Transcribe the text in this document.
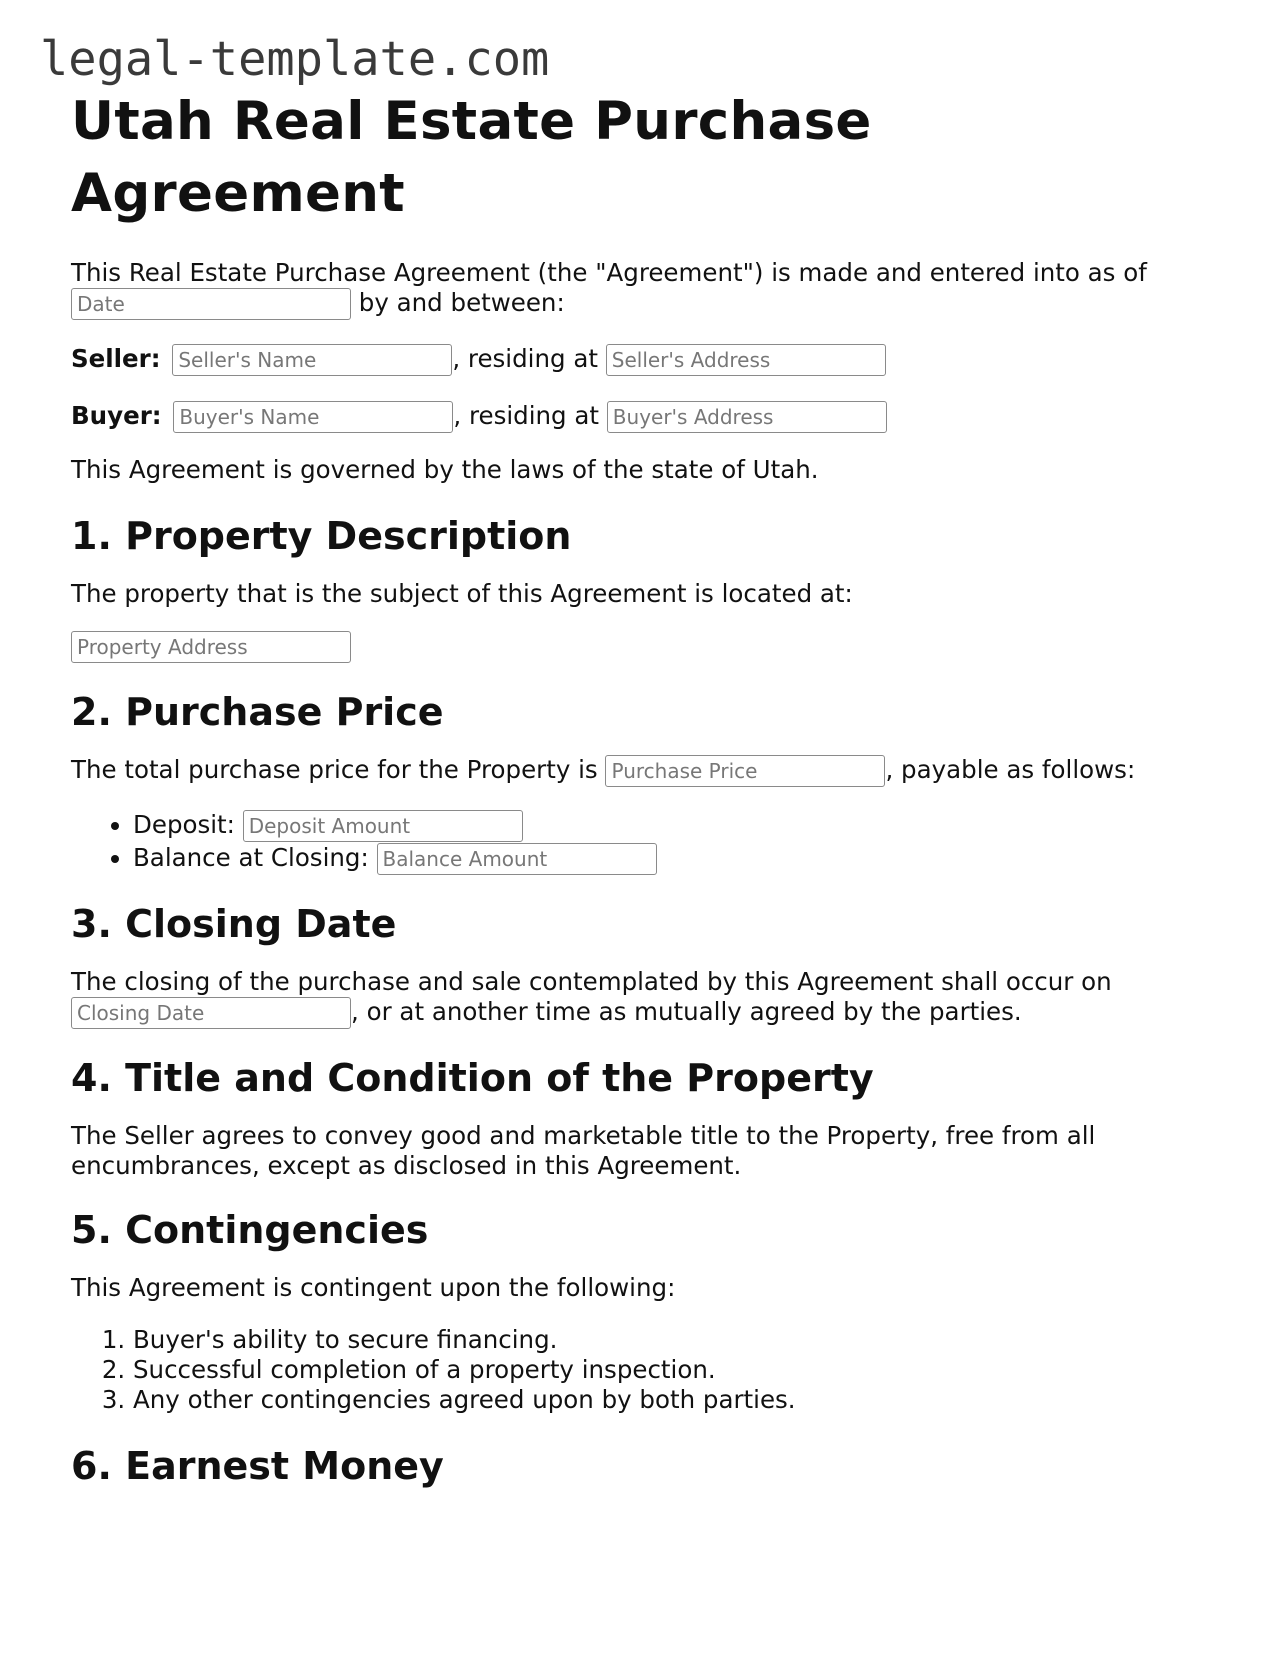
legal-template.com
Utah Real Estate Purchase Agreement

This Real Estate Purchase Agreement (the "Agreement") is made and entered into as of
Date by and between:

Seller: Seller's Name	, residing at Seller's Address

Buyer: Buyer's Name	, residing at Buyer's Address

This Agreement is governed by the laws of the state of Utah.

1. Property Description

The property that is the subject of this Agreement is located at:

Property Address
2. Purchase Price

The total purchase price for the Property is Purchase Price	, payable as follows:

• Deposit: Deposit Amount
• Balance at Closing: Balance Amount
3. Closing Date

The closing of the purchase and sale contemplated by this Agreement shall occur on
Closing Date, or at another time as mutually agreed by the parties.

4. Title and Condition of the Property

The Seller agrees to convey good and marketable title to the Property, free from all encumbrances, except as disclosed in this Agreement.

5. Contingencies

This Agreement is contingent upon the following:

1. Buyer's ability to secure financing.
2. Successful completion of a property inspection.
3. Any other contingencies agreed upon by both parties.
6. Earnest Money
